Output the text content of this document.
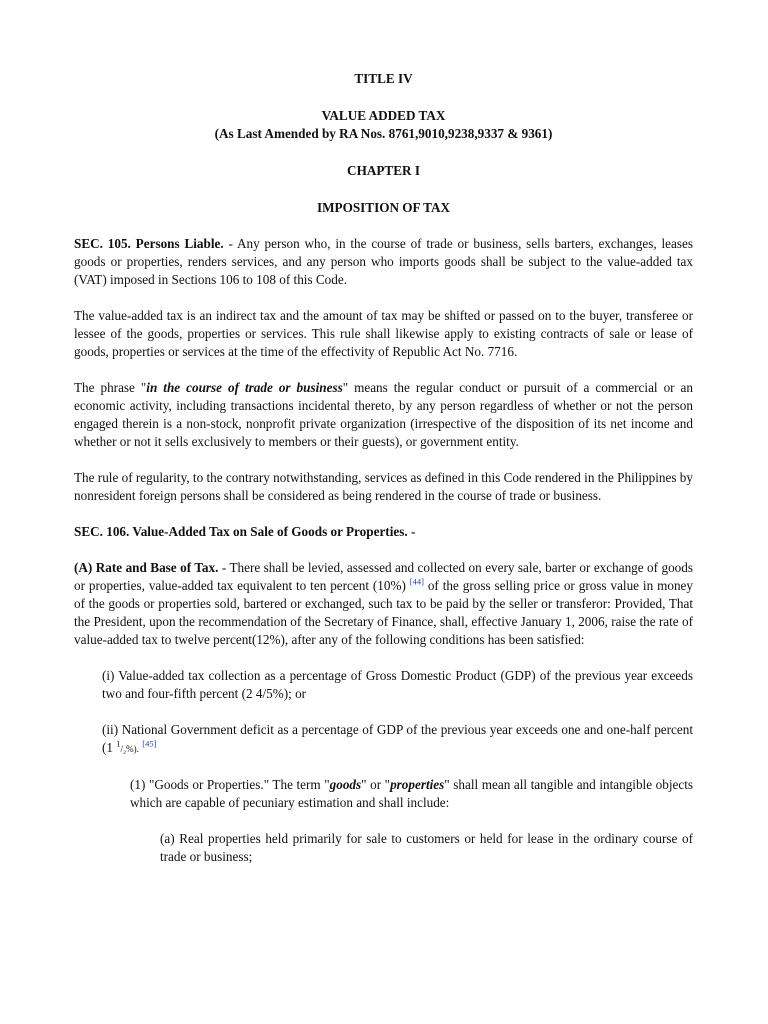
TITLE IV

VALUE ADDED TAX

(As Last Amended by RA Nos. 8761,9010,9238,9337 & 9361)

CHAPTER I

IMPOSITION OF TAX

SEC. 105. Persons Liable. - Any person who, in the course of trade or business, sells barters, exchanges, leases goods or properties, renders services, and any person who imports goods shall be subject to the value-added tax (VAT) imposed in Sections 106 to 108 of this Code.

The value-added tax is an indirect tax and the amount of tax may be shifted or passed on to the buyer, transferee or lessee of the goods, properties or services. This rule shall likewise apply to existing contracts of sale or lease of goods, properties or services at the time of the effectivity of Republic Act No. 7716.

The phrase "in the course of trade or business" means the regular conduct or pursuit of a commercial or an economic activity, including transactions incidental thereto, by any person regardless of whether or not the person engaged therein is a non-stock, nonprofit private organization (irrespective of the disposition of its net income and whether or not it sells exclusively to members or their guests), or government entity.

The rule of regularity, to the contrary notwithstanding, services as defined in this Code rendered in the Philippines by nonresident foreign persons shall be considered as being rendered in the course of trade or business.

SEC. 106. Value-Added Tax on Sale of Goods or Properties. -

(A) Rate and Base of Tax. - There shall be levied, assessed and collected on every sale, barter or exchange of goods or properties, value-added tax equivalent to ten percent (10%) [44] of the gross selling price or gross value in money of the goods or properties sold, bartered or exchanged, such tax to be paid by the seller or transferor: Provided, That the President, upon the recommendation of the Secretary of Finance, shall, effective January 1, 2006, raise the rate of value-added tax to twelve percent(12%), after any of the following conditions has been satisfied:

(i) Value-added tax collection as a percentage of Gross Domestic Product (GDP) of the previous year exceeds two and four-fifth percent (2 4/5%); or

(ii) National Government deficit as a percentage of GDP of the previous year exceeds one and one-half percent (1 $^1$/₂%). [45]

(1) "Goods or Properties." The term "goods" or "properties" shall mean all tangible and intangible objects which are capable of pecuniary estimation and shall include:

(a) Real properties held primarily for sale to customers or held for lease in the ordinary course of trade or business;
